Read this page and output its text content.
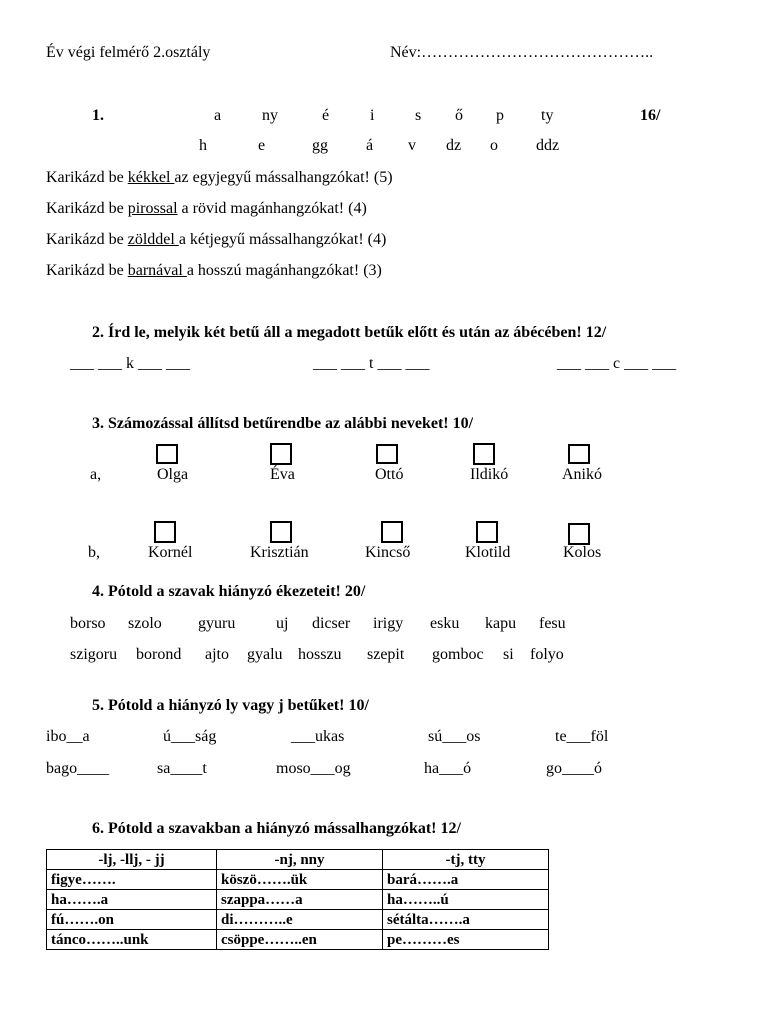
Év végi felmérő 2.osztály	Név:……………………………………..
1.	16/
a	ny	é	i	s ő p ty
h	e	gg á v dz o ddz
Karikázd be kékkel az egyjegyű mássalhangzókat! (5)
Karikázd be pirossal a rövid magánhangzókat! (4)
Karikázd be zölddel a kétjegyű mássalhangzókat! (4)
Karikázd be barnával a hosszú magánhangzókat! (3)
2. Írd le, melyik két betű áll a megadott betűk előtt és után az ábécében! 12/
___ ___ k ___ ___	___ ___ t ___ ___	___ ___ c ___ ___
3. Számozással állítsd betűrendbe az alábbi neveket! 10/
a,	Olga	Éva	Ottó	Ildikó	Anikó
b,	Kornél	Krisztián	Kincső	Klotild	Kolos
4. Pótold a szavak hiányzó ékezeteit! 20/
borso szolo gyuru	uj dicser irigy esku kapu fesu
szigoru borond ajto gyalu hosszu szepit gomboc si folyo
5. Pótold a hiányzó ly vagy j betűket! 10/
ibo__a	ú___ság	___ukas	sú___os	te___föl
bago____	sa____t	moso___og	ha___ó	go____ó
6. Pótold a szavakban a hiányzó mássalhangzókat! 12/
-lj, -llj, - jj	-nj, nny	-tj, tty
figye…….	köszö…….ük	bará…….a
ha…….a	szappa……a	ha……..ú
fú…….on	di………..e	sétálta…….a
tánco……..unk	csöppe……..en	pe………es
